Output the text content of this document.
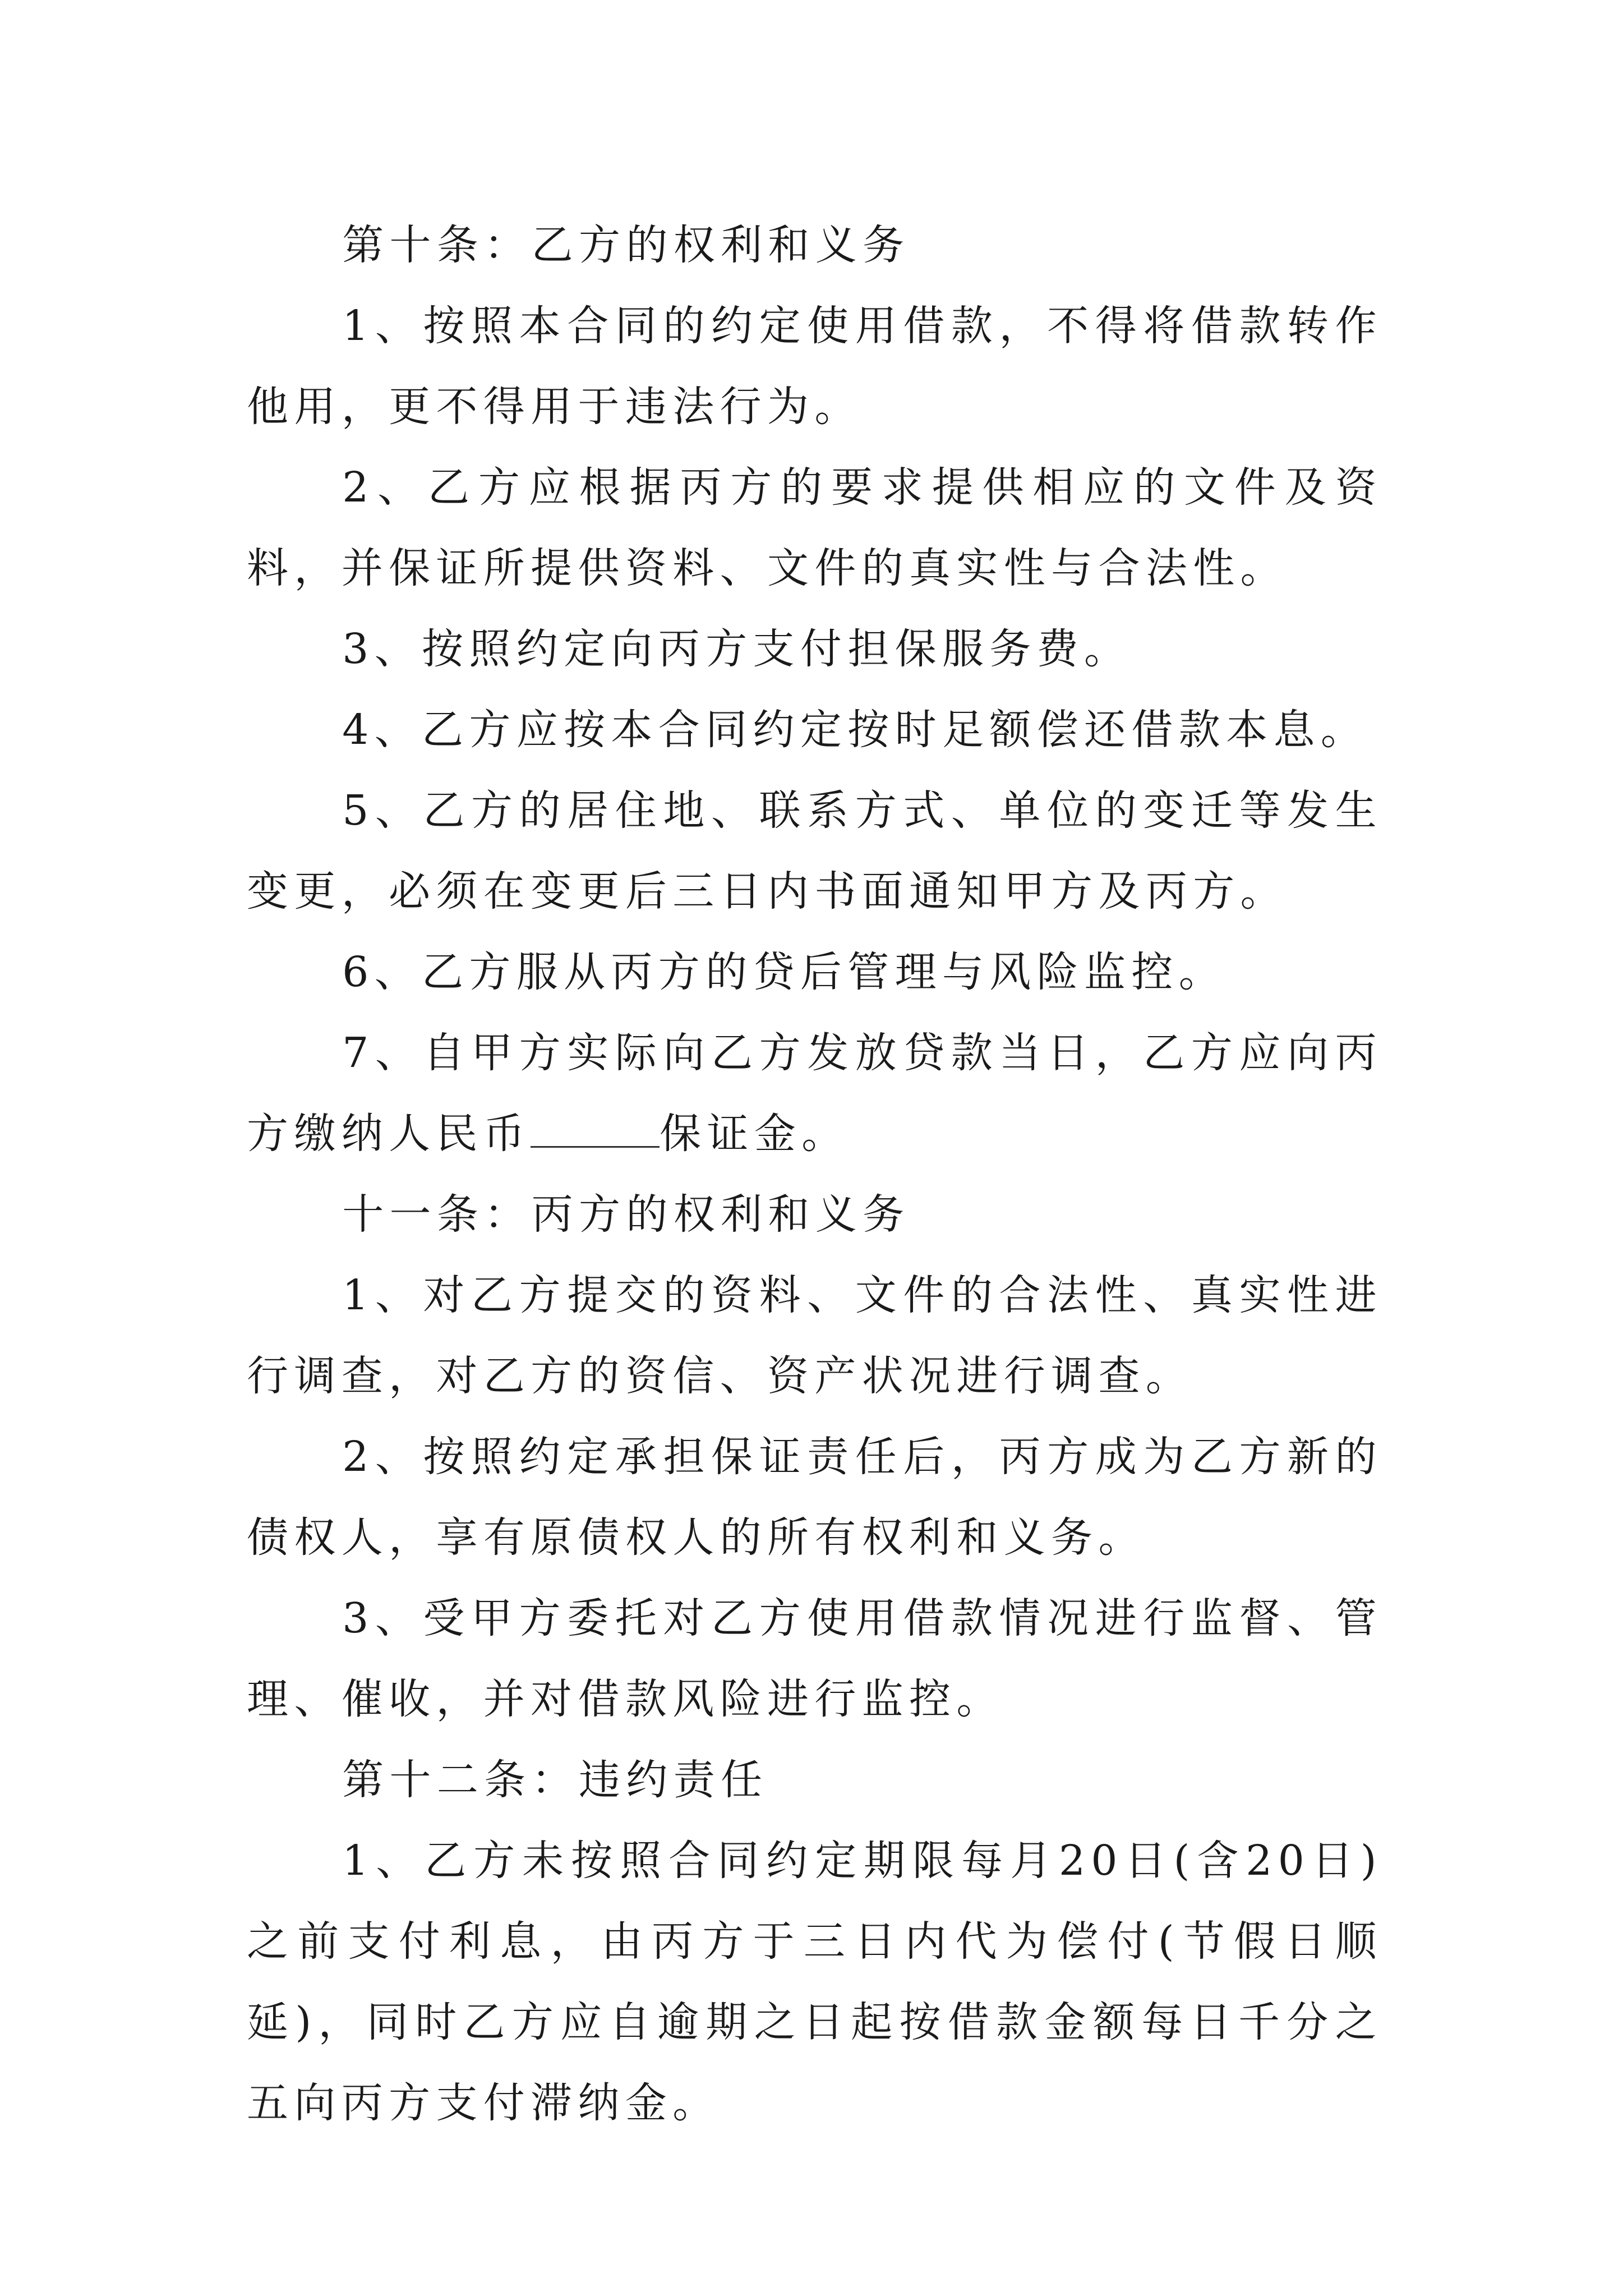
第十条：乙方的权利和义务

1、按照本合同的约定使用借款，不得将借款转作他用，更不得用于违法行为。

2、乙方应根据丙方的要求提供相应的文件及资料，并保证所提供资料、文件的真实性与合法性。

3、按照约定向丙方支付担保服务费。

4、乙方应按本合同约定按时足额偿还借款本息。

5、乙方的居住地、联系方式、单位的变迁等发生变更，必须在变更后三日内书面通知甲方及丙方。

6、乙方服从丙方的贷后管理与风险监控。

7、自甲方实际向乙方发放贷款当日，乙方应向丙方缴纳人民币	保证金。

十一条：丙方的权利和义务

1、对乙方提交的资料、文件的合法性、真实性进行调查，对乙方的资信、资产状况进行调查。

2、按照约定承担保证责任后，丙方成为乙方新的债权人，享有原债权人的所有权利和义务。

3、受甲方委托对乙方使用借款情况进行监督、管理、催收，并对借款风险进行监控。

第十二条：违约责任

1、乙方未按照合同约定期限每月20日(含20日)之前支付利息，由丙方于三日内代为偿付(节假日顺延)，同时乙方应自逾期之日起按借款金额每日千分之五向丙方支付滞纳金。
